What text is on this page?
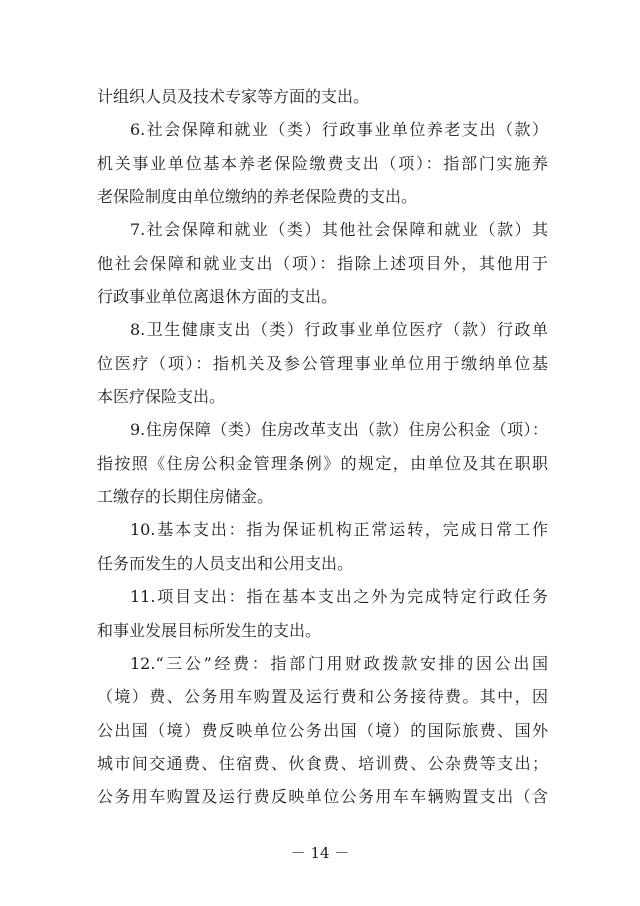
计组织人员及技术专家等方面的支出。
6.社会保障和就业（类）行政事业单位养老支出（款）
机关事业单位基本养老保险缴费支出（项）：指部门实施养
老保险制度由单位缴纳的养老保险费的支出。
7.社会保障和就业（类）其他社会保障和就业（款）其
他社会保障和就业支出（项）：指除上述项目外，其他用于
行政事业单位离退休方面的支出。
8.卫生健康支出（类）行政事业单位医疗（款）行政单
位医疗（项）：指机关及参公管理事业单位用于缴纳单位基
本医疗保险支出。
9.住房保障（类）住房改革支出（款）住房公积金（项）：
指按照《住房公积金管理条例》的规定，由单位及其在职职
工缴存的长期住房储金。
10.基本支出：指为保证机构正常运转，完成日常工作
任务而发生的人员支出和公用支出。
11.项目支出：指在基本支出之外为完成特定行政任务
和事业发展目标所发生的支出。
12.“三公”经费：指部门用财政拨款安排的因公出国
（境）费、公务用车购置及运行费和公务接待费。其中，因
公出国（境）费反映单位公务出国（境）的国际旅费、国外
城市间交通费、住宿费、伙食费、培训费、公杂费等支出；
公务用车购置及运行费反映单位公务用车车辆购置支出（含
－ 14 －
